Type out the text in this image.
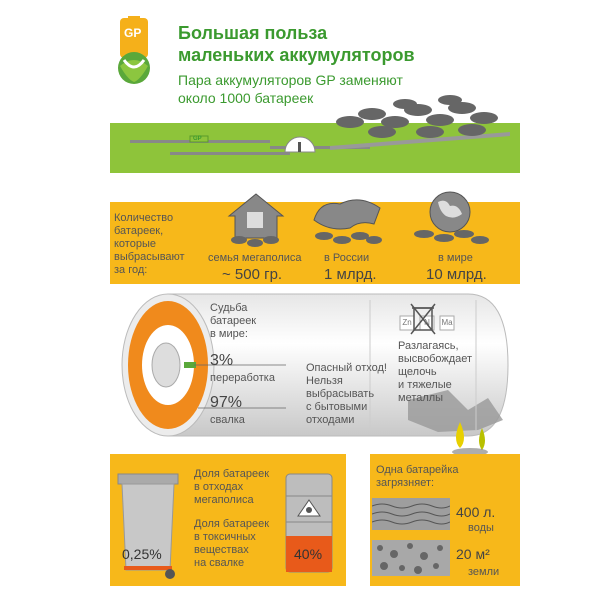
GP Большая польза
маленьких аккумуляторов
Пара аккумуляторов GP заменяют
около 1000 батареек
GP
Количество
батареек,
которые
выбрасывают
за год:
семья мегаполиса
~ 500 гр.
в России
1 млрд.
в мире
10 млрд.
Судьба
батареек
в мире:
3%
переработка
97%
свалка
Опасный отход!
Нельзя
выбрасывать
с бытовыми
отходами
Zn	N	Ma
Разлагаясь,
высвобождает
щелочь
и тяжелые
металлы
0,25%
Доля батареек
в отходах
мегаполиса
Доля батареек
в токсичных
веществах
на свалке
40%
Одна батарейка
загрязняет:
400 л.
воды
20 м²
земли
